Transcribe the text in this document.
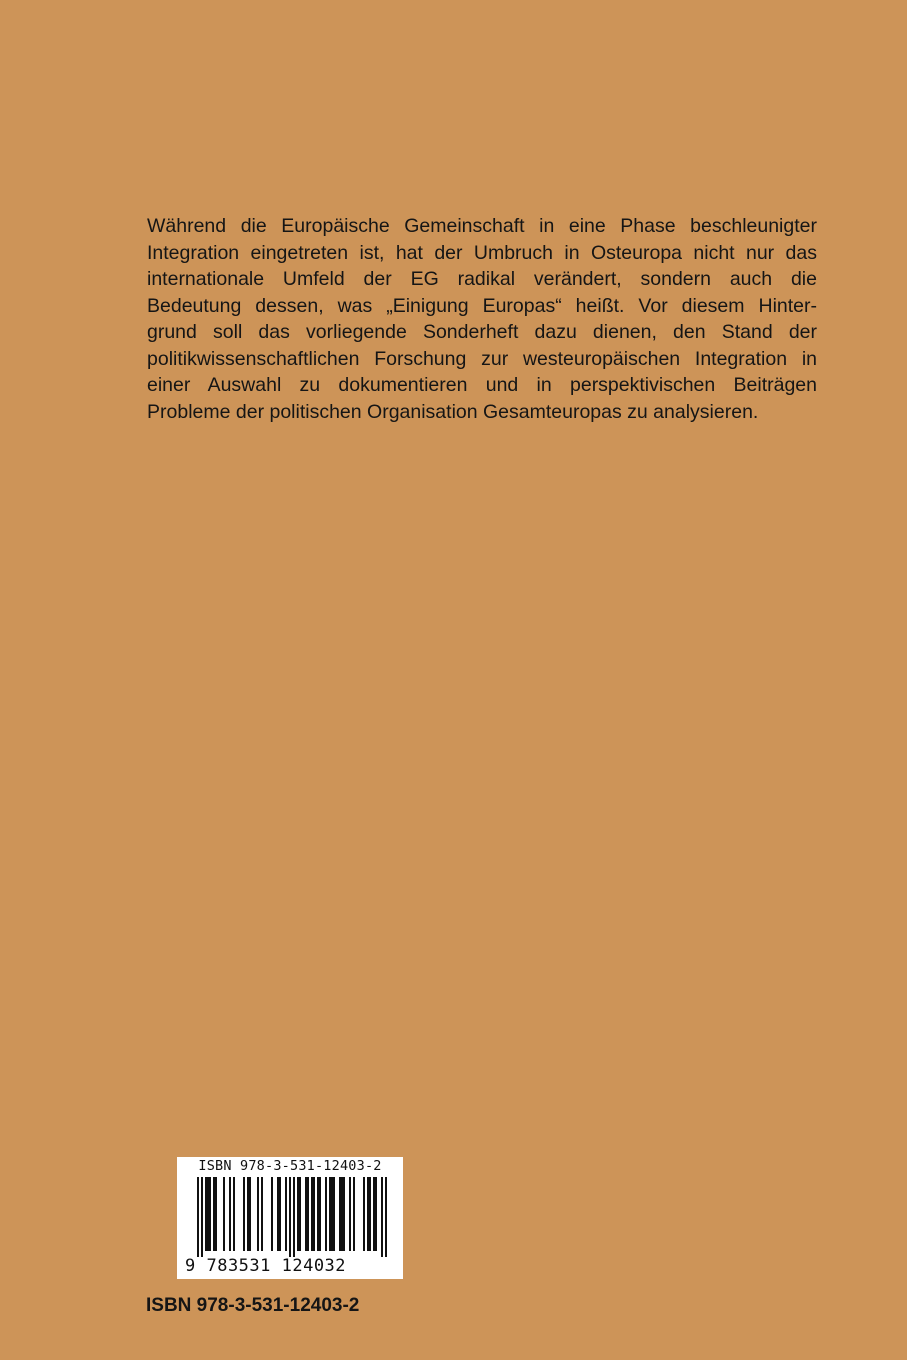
Während die Europäische Gemeinschaft in eine Phase beschleunigter
Integration eingetreten ist, hat der Umbruch in Osteuropa nicht nur das
internationale Umfeld der EG radikal verändert, sondern auch die
Bedeutung dessen, was „Einigung Europas“ heißt. Vor diesem Hinter-
grund soll das vorliegende Sonderheft dazu dienen, den Stand der
politikwissenschaftlichen Forschung zur westeuropäischen Integration in
einer Auswahl zu dokumentieren und in perspektivischen Beiträgen
Probleme der politischen Organisation Gesamteuropas zu analysieren.
ISBN 978-3-531-12403-2
9 783531 124032
ISBN 978-3-531-12403-2
